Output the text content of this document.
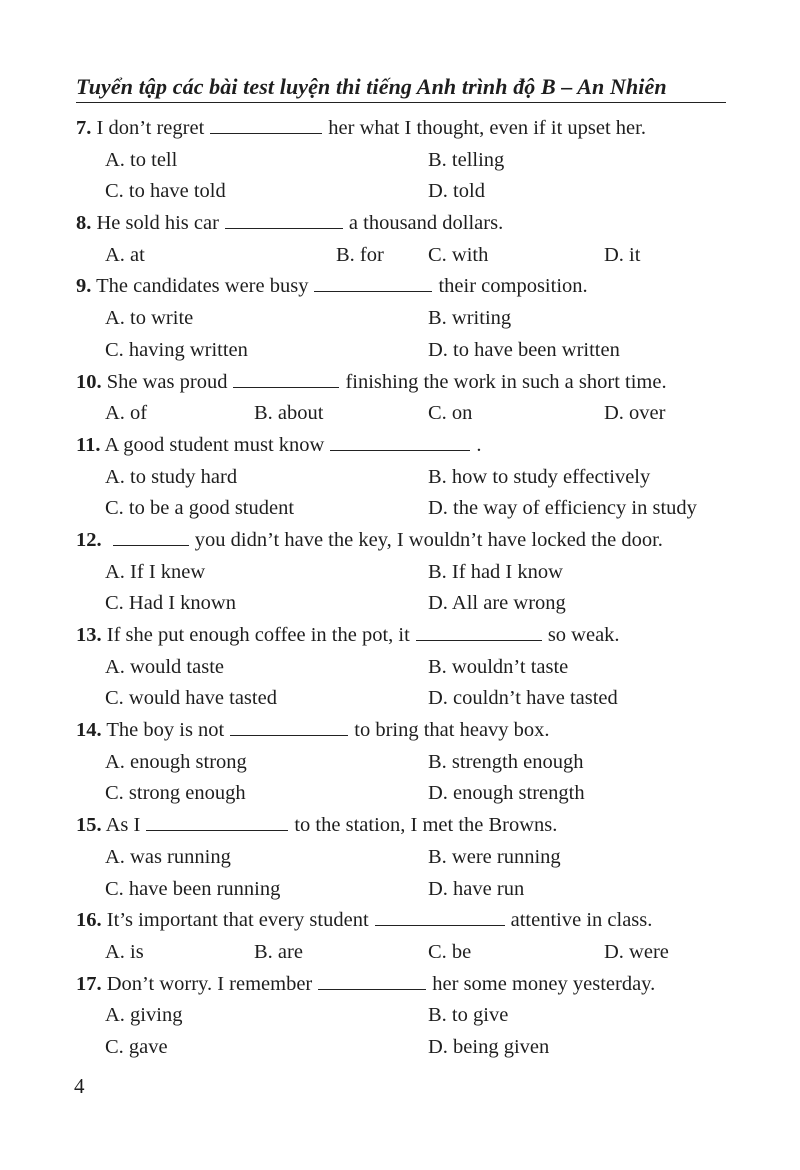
Tuyển tập các bài test luyện thi tiếng Anh trình độ B – An Nhiên
7. I don’t regret	her what I thought, even if it upset her.
A. to tell	B. telling
C. to have told	D. told
8. He sold his car	a thousand dollars.
A. at	B. for C. with	D. it
9. The candidates were busy	their composition.
A. to write	B. writing
C. having written	D. to have been written
10. She was proud	finishing the work in such a short time.
A. of	B. about	C. on	D. over
11. A good student must know	.
A. to study hard	B. how to study effectively
C. to be a good student	D. the way of efficiency in study
12.	you didn’t have the key, I wouldn’t have locked the door.
A. If I knew	B. If had I know
C. Had I known	D. All are wrong
13. If she put enough coffee in the pot, it	so weak.
A. would taste	B. wouldn’t taste
C. would have tasted	D. couldn’t have tasted
14. The boy is not	to bring that heavy box.
A. enough strong	B. strength enough
C. strong enough	D. enough strength
15. As I	to the station, I met the Browns.
A. was running	B. were running
C. have been running	D. have run
16. It’s important that every student	attentive in class.
A. is	B. are	C. be	D. were
17. Don’t worry. I remember	her some money yesterday.
A. giving	B. to give
C. gave	D. being given
4
